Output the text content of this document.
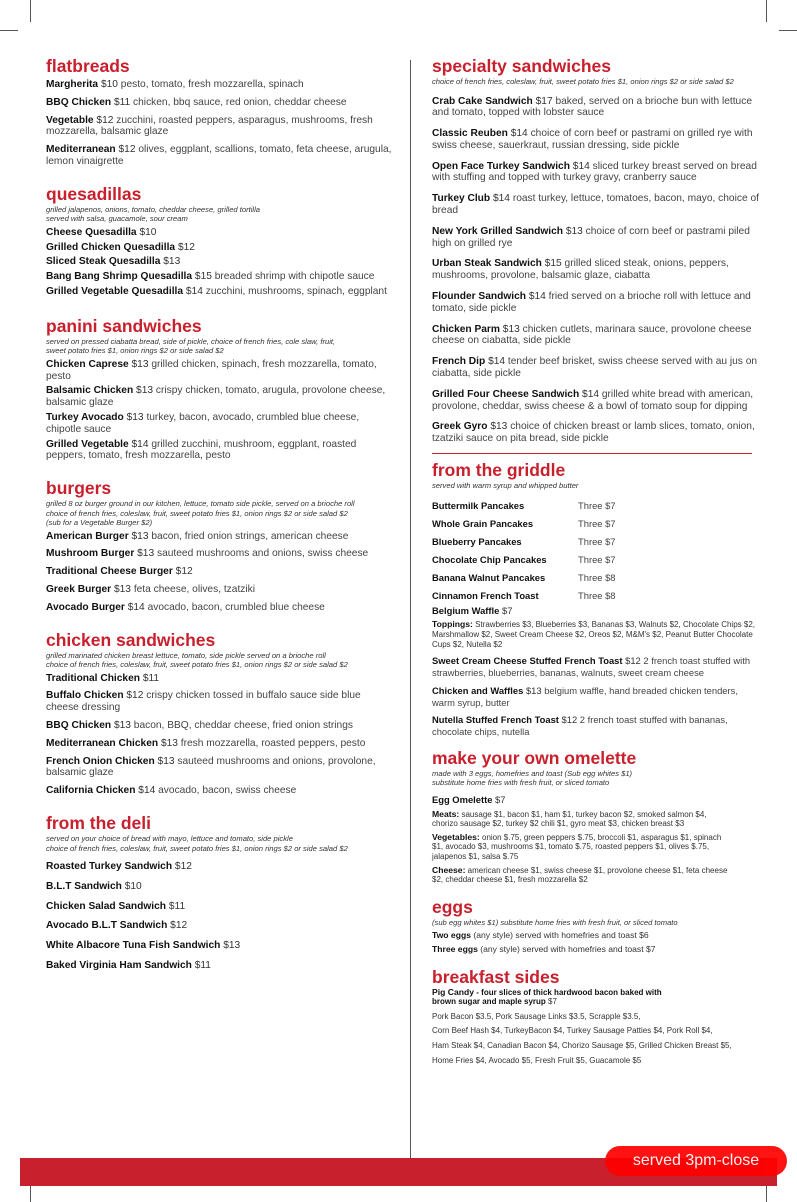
flatbreads
Margherita $10 pesto, tomato, fresh mozzarella, spinach
BBQ Chicken $11 chicken, bbq sauce, red onion, cheddar cheese
Vegetable $12 zucchini, roasted peppers, asparagus, mushrooms, fresh mozzarella, balsamic glaze
Mediterranean $12 olives, eggplant, scallions, tomato, feta cheese, arugula, lemon vinaigrette
quesadillas
grilled jalapenos, onions, tomato, cheddar cheese, grilled tortilla
served with salsa, guacamole, sour cream
Cheese Quesadilla $10
Grilled Chicken Quesadilla $12
Sliced Steak Quesadilla $13
Bang Bang Shrimp Quesadilla $15 breaded shrimp with chipotle sauce
Grilled Vegetable Quesadilla $14 zucchini, mushrooms, spinach, eggplant
panini sandwiches
served on pressed ciabatta bread, side of pickle, choice of french fries, cole slaw, fruit,
sweet potato fries $1, onion rings $2 or side salad $2
Chicken Caprese $13 grilled chicken, spinach, fresh mozzarella, tomato, pesto
Balsamic Chicken $13 crispy chicken, tomato, arugula, provolone cheese, balsamic glaze
Turkey Avocado $13 turkey, bacon, avocado, crumbled blue cheese, chipotle sauce
Grilled Vegetable $14 grilled zucchini, mushroom, eggplant, roasted peppers, tomato, fresh mozzarella, pesto
burgers
grilled 8 oz burger ground in our kitchen, lettuce, tomato side pickle, served on a brioche roll
choice of french fries, coleslaw, fruit, sweet potato fries $1, onion rings $2 or side salad $2
(sub for a Vegetable Burger $2)
American Burger $13 bacon, fried onion strings, american cheese
Mushroom Burger $13 sauteed mushrooms and onions, swiss cheese
Traditional Cheese Burger $12
Greek Burger $13 feta cheese, olives, tzatziki
Avocado Burger $14 avocado, bacon, crumbled blue cheese
chicken sandwiches
grilled marinated chicken breast lettuce, tomato, side pickle served on a brioche roll
choice of french fries, coleslaw, fruit, sweet potato fries $1, onion rings $2 or side salad $2
Traditional Chicken $11
Buffalo Chicken $12 crispy chicken tossed in buffalo sauce side blue cheese dressing
BBQ Chicken $13 bacon, BBQ, cheddar cheese, fried onion strings
Mediterranean Chicken $13 fresh mozzarella, roasted peppers, pesto
French Onion Chicken $13 sauteed mushrooms and onions, provolone, balsamic glaze
California Chicken $14 avocado, bacon, swiss cheese
from the deli
served on your choice of bread with mayo, lettuce and tomato, side pickle
choice of french fries, coleslaw, fruit, sweet potato fries $1, onion rings $2 or side salad $2
Roasted Turkey Sandwich $12
B.L.T Sandwich $10
Chicken Salad Sandwich $11
Avocado B.L.T Sandwich $12
White Albacore Tuna Fish Sandwich $13
Baked Virginia Ham Sandwich $11
specialty sandwiches
choice of french fries, coleslaw, fruit, sweet potato fries $1, onion rings $2 or side salad $2
Crab Cake Sandwich $17 baked, served on a brioche bun with lettuce and tomato, topped with lobster sauce
Classic Reuben $14 choice of corn beef or pastrami on grilled rye with swiss cheese, sauerkraut, russian dressing, side pickle
Open Face Turkey Sandwich $14 sliced turkey breast served on bread with stuffing and topped with turkey gravy, cranberry sauce
Turkey Club $14 roast turkey, lettuce, tomatoes, bacon, mayo, choice of bread
New York Grilled Sandwich $13 choice of corn beef or pastrami piled high on grilled rye
Urban Steak Sandwich $15 grilled sliced steak, onions, peppers, mushrooms, provolone, balsamic glaze, ciabatta
Flounder Sandwich $14 fried served on a brioche roll with lettuce and tomato, side pickle
Chicken Parm $13 chicken cutlets, marinara sauce, provolone cheese cheese on ciabatta, side pickle
French Dip $14 tender beef brisket, swiss cheese served with au jus on ciabatta, side pickle
Grilled Four Cheese Sandwich $14 grilled white bread with american, provolone, cheddar, swiss cheese & a bowl of tomato soup for dipping
Greek Gyro $13 choice of chicken breast or lamb slices, tomato, onion, tzatziki sauce on pita bread, side pickle
from the griddle
served with warm syrup and whipped butter
Buttermilk Pancakes	Three $7
Whole Grain Pancakes	Three $7
Blueberry Pancakes	Three $7
Chocolate Chip Pancakes	Three $7
Banana Walnut Pancakes	Three $8
Cinnamon French Toast	Three $8
Belgium Waffle $7
Toppings: Strawberries $3, Blueberries $3, Bananas $3, Walnuts $2, Chocolate Chips $2, Marshmallow $2, Sweet Cream Cheese $2, Oreos $2, M&M's $2, Peanut Butter Chocolate Cups $2, Nutella $2
Sweet Cream Cheese Stuffed French Toast $12 2 french toast stuffed with strawberries, blueberries, bananas, walnuts, sweet cream cheese
Chicken and Waffles $13 belgium waffle, hand breaded chicken tenders, warm syrup, butter
Nutella Stuffed French Toast $12 2 french toast stuffed with bananas, chocolate chips, nutella
make your own omelette
made with 3 eggs, homefries and toast (Sub egg whites $1)
substitute home fries with fresh fruit, or sliced tomato
Egg Omelette $7
Meats: sausage $1, bacon $1, ham $1, turkey bacon $2, smoked salmon $4, chorizo sausage $2, turkey $2 chili $1, gyro meat $3, chicken breast $3
Vegetables: onion $.75, green peppers $.75, broccoli $1, asparagus $1, spinach $1, avocado $3, mushrooms $1, tomato $.75, roasted peppers $1, olives $.75, jalapenos $1, salsa $.75
Cheese: american cheese $1, swiss cheese $1, provolone cheese $1, feta cheese $2, cheddar cheese $1, fresh mozzarella $2
eggs
(sub egg whites $1) substitute home fries with fresh fruit, or sliced tomato
Two eggs (any style) served with homefries and toast $6
Three eggs (any style) served with homefries and toast $7
breakfast sides
Pig Candy - four slices of thick hardwood bacon baked with brown sugar and maple syrup $7
Pork Bacon $3.5, Pork Sausage Links $3.5, Scrapple $3.5,
Corn Beef Hash $4, TurkeyBacon $4, Turkey Sausage Patties $4, Pork Roll $4,
Ham Steak $4, Canadian Bacon $4, Chorizo Sausage $5, Grilled Chicken Breast $5,
Home Fries $4, Avocado $5, Fresh Fruit $5, Guacamole $5
served 3pm-close
